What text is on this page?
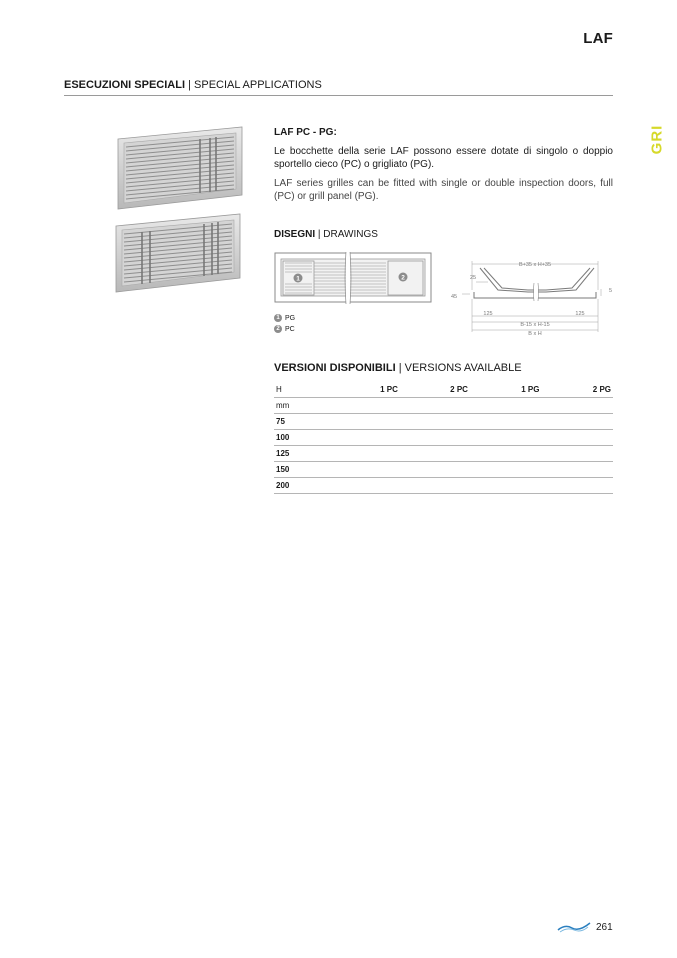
LAF
ESECUZIONI SPECIALI | SPECIAL APPLICATIONS
GRI
LAF PC - PG:
Le bocchette della serie LAF possono essere dotate di singolo o doppio sportello cieco (PC) o grigliato (PG).
LAF series grilles can be fitted with single or double inspection doors, full (PC) or grill panel (PG).
DISEGNI | DRAWINGS
1	2
B+35 x H+35
25
45
5
125	125
B-15 x H-15
B x H
1 PG
2 PC
VERSIONI DISPONIBILI | VERSIONS AVAILABLE
H	1 PC	2 PC	1 PG	2 PG
mm				
75				
100				
125				
150				
200				
261
